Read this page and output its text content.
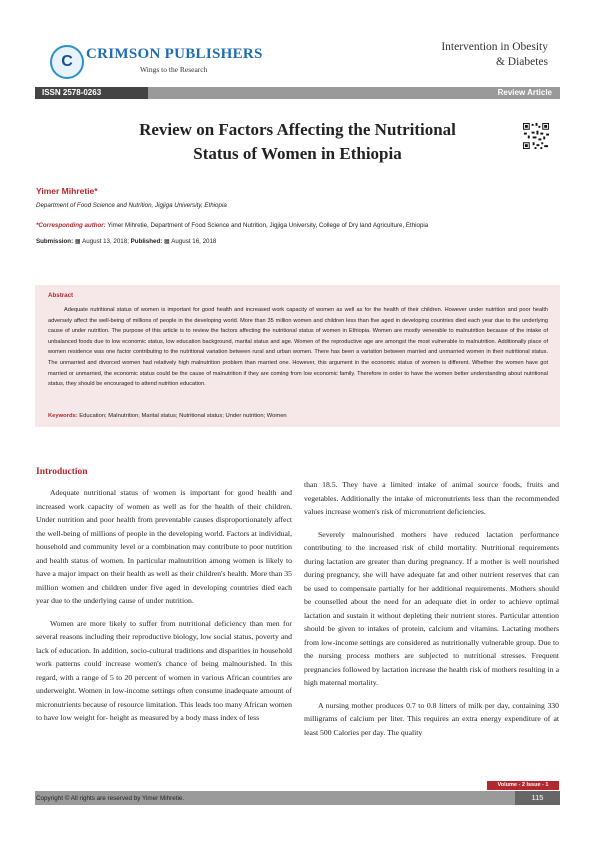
C CRIMSON PUBLISHERS
Wings to the Research
Intervention in Obesity
& Diabetes
ISSN 2578-0263	Review Article
Review on Factors Affecting the Nutritional
Status of Women in Ethiopia
Yimer Mihretie*
Department of Food Science and Nutrition, Jigjiga University, Ethiopia
*Corresponding author: Yimer Mihretie, Department of Food Science and Nutrition, Jigjiga University, College of Dry land Agriculture, Ethiopia
Submission: ▦ August 13, 2018; Published: ▦ August 16, 2018
Abstract
Adequate nutritional status of women is important for good health and increased work capacity of women as well as for the health of their children. However under nutrition and poor health adversely affect the well-being of millions of people in the developing world. More than 35 million women and children less than five aged in developing countries died each year due to the underlying cause of under nutrition. The purpose of this article is to review the factors affecting the nutritional status of women in Ethiopia. Women are mostly venerable to malnutrition because of the intake of unbalanced foods due to low economic status, low education background, marital status and age. Women of the reproductive age are amongst the most vulnerable to malnutrition. Additionally place of women residence was one factor contributing to the nutritional variation between rural and urban women. There has been a variation between married and unmarried women in their nutritional status. The unmarried and divorced women had relatively high malnutrition problem than married one. However, this argument in the economic status of women is different. Whether the women have got married or unmarried, the economic status could be the cause of malnutrition if they are coming from low economic family. Therefore in order to have the women better understanding about nutritional status, they should be encouraged to attend nutrition education.
Keywords: Education; Malnutrition; Marital status; Nutritional status; Under nutrition; Women
Introduction

Adequate nutritional status of women is important for good health and increased work capacity of women as well as for the health of their children. Under nutrition and poor health from preventable causes disproportionately affect the well-being of millions of people in the developing world. Factors at individual, household and community level or a combination may contribute to poor nutrition and health status of women. In particular malnutrition among women is likely to have a major impact on their health as well as their children's health. More than 35 million women and children under five aged in developing countries died each year due to the underlying cause of under nutrition.

Women are more likely to suffer from nutritional deficiency than men for several reasons including their reproductive biology, low social status, poverty and lack of education. In addition, socio-cultural traditions and disparities in household work patterns could increase women's chance of being malnourished. In this regard, with a range of 5 to 20 percent of women in various African countries are underweight. Women in low-income settings often consume inadequate amount of micronutrients because of resource limitation. This leads too many African women to have low weight for- height as measured by a body mass index of less

than 18.5. They have a limited intake of animal source foods, fruits and vegetables. Additionally the intake of micronutrients less than the recommended values increase women's risk of micronutrient deficiencies.

Severely malnourished mothers have reduced lactation performance contributing to the increased risk of child mortality. Nutritional requirements during lactation are greater than during pregnancy. If a mother is well nourished during pregnancy, she will have adequate fat and other nutrient reserves that can be used to compensate partially for her additional requirements. Mothers should be counselled about the need for an adequate diet in order to achieve optimal lactation and sustain it without depleting their nutrient stores. Particular attention should be given to intakes of protein, calcium and vitamins. Lactating mothers from low-income settings are considered as nutritionally vulnerable group. Due to the nursing process mothers are subjected to nutritional stresses. Frequent pregnancies followed by lactation increase the health risk of mothers resulting in a high maternal mortality.

A nursing mother produces 0.7 to 0.8 litters of milk per day, containing 330 milligrams of calcium per liter. This requires an extra energy expenditure of at least 500 Calories per day. The quality

Volume - 2 Issue - 1
Copyright © All rights are reserved by Yimer Mihretie.	115
